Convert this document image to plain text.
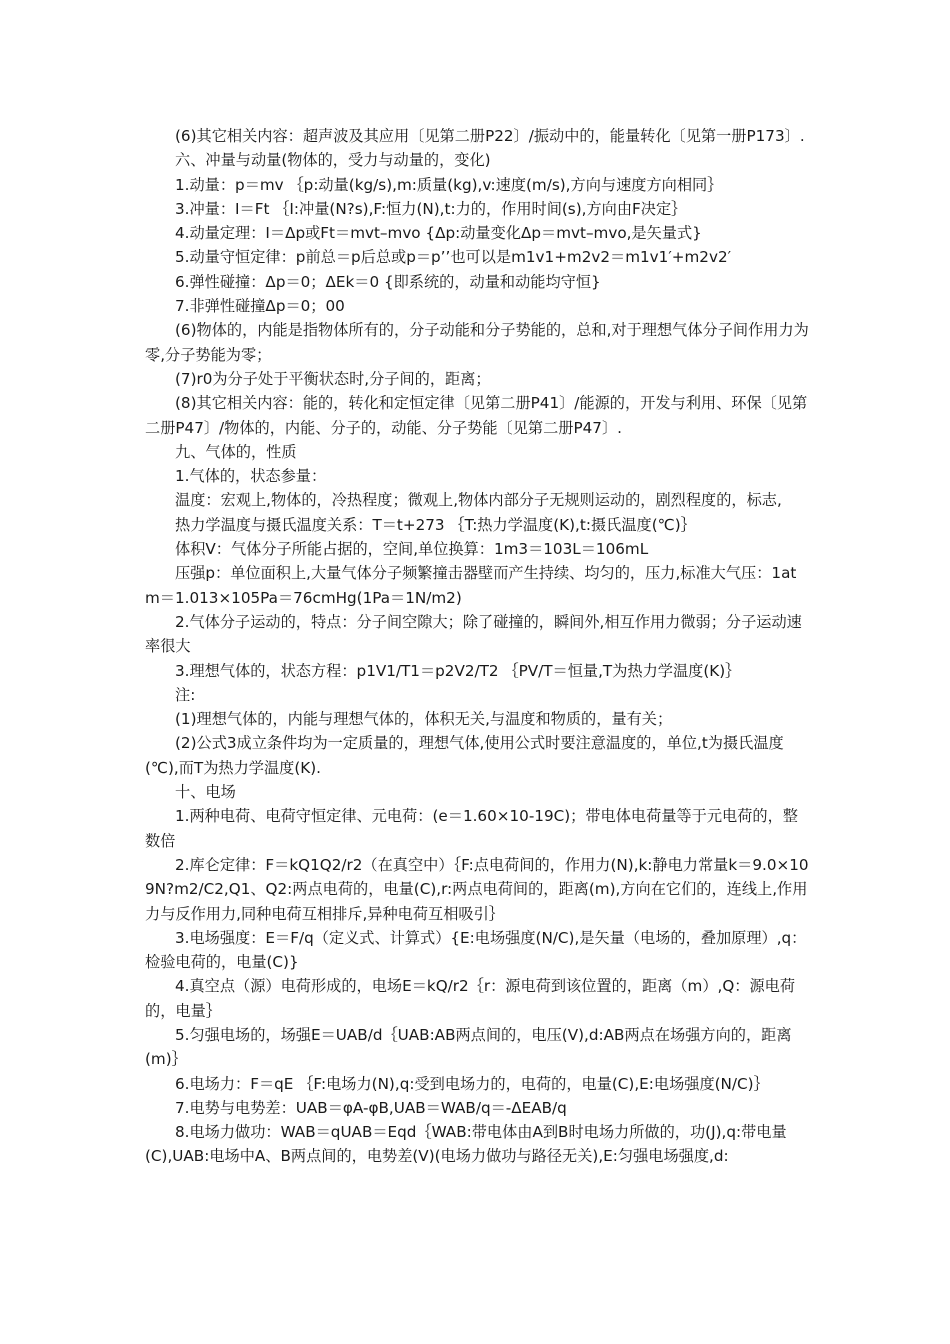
(6)其它相关内容：超声波及其应用〔见第二册P22〕/振动中的，能量转化〔见第一册P173〕.

六、冲量与动量(物体的，受力与动量的，变化)

1.动量：p＝mv ｛p:动量(kg/s),m:质量(kg),v:速度(m/s),方向与速度方向相同｝

3.冲量：I＝Ft ｛I:冲量(N?s),F:恒力(N),t:力的，作用时间(s),方向由F决定｝

4.动量定理：I＝Δp或Ft＝mvt–mvo {Δp:动量变化Δp＝mvt–mvo,是矢量式}

5.动量守恒定律：p前总＝p后总或p＝p’’也可以是m1v1+m2v2＝m1v1′+m2v2′

6.弹性碰撞：Δp＝0；ΔEk＝0 {即系统的，动量和动能均守恒}

7.非弹性碰撞Δp＝0；00

(6)物体的，内能是指物体所有的，分子动能和分子势能的，总和,对于理想气体分子间作用力为零,分子势能为零；

(7)r0为分子处于平衡状态时,分子间的，距离；

(8)其它相关内容：能的，转化和定恒定律〔见第二册P41〕/能源的，开发与利用、环保〔见第二册P47〕/物体的，内能、分子的，动能、分子势能〔见第二册P47〕.

九、气体的，性质

1.气体的，状态参量：

温度：宏观上,物体的，冷热程度；微观上,物体内部分子无规则运动的，剧烈程度的，标志,

热力学温度与摄氏温度关系：T＝t+273 ｛T:热力学温度(K),t:摄氏温度(℃)｝

体积V：气体分子所能占据的，空间,单位换算：1m3＝103L＝106mL

压强p：单位面积上,大量气体分子频繁撞击器壁而产生持续、均匀的，压力,标准大气压：1atm＝1.013×105Pa＝76cmHg(1Pa＝1N/m2)

2.气体分子运动的，特点：分子间空隙大；除了碰撞的，瞬间外,相互作用力微弱；分子运动速率很大

3.理想气体的，状态方程：p1V1/T1＝p2V2/T2 ｛PV/T＝恒量,T为热力学温度(K)｝

注:

(1)理想气体的，内能与理想气体的，体积无关,与温度和物质的，量有关；

(2)公式3成立条件均为一定质量的，理想气体,使用公式时要注意温度的，单位,t为摄氏温度(℃),而T为热力学温度(K).

十、电场

1.两种电荷、电荷守恒定律、元电荷：(e＝1.60×10-19C)；带电体电荷量等于元电荷的，整数倍

2.库仑定律：F＝kQ1Q2/r2（在真空中）｛F:点电荷间的，作用力(N),k:静电力常量k＝9.0×109N?m2/C2,Q1、Q2:两点电荷的，电量(C),r:两点电荷间的，距离(m),方向在它们的，连线上,作用力与反作用力,同种电荷互相排斥,异种电荷互相吸引｝

3.电场强度：E＝F/q（定义式、计算式）{E:电场强度(N/C),是矢量（电场的，叠加原理）,q：检验电荷的，电量(C)}

4.真空点（源）电荷形成的，电场E＝kQ/r2｛r：源电荷到该位置的，距离（m）,Q：源电荷的，电量｝

5.匀强电场的，场强E＝UAB/d｛UAB:AB两点间的，电压(V),d:AB两点在场强方向的，距离(m)｝

6.电场力：F＝qE ｛F:电场力(N),q:受到电场力的，电荷的，电量(C),E:电场强度(N/C)｝

7.电势与电势差：UAB＝φA-φB,UAB＝WAB/q＝-ΔEAB/q

8.电场力做功：WAB＝qUAB＝Eqd｛WAB:带电体由A到B时电场力所做的，功(J),q:带电量(C),UAB:电场中A、B两点间的，电势差(V)(电场力做功与路径无关),E:匀强电场强度,d:
